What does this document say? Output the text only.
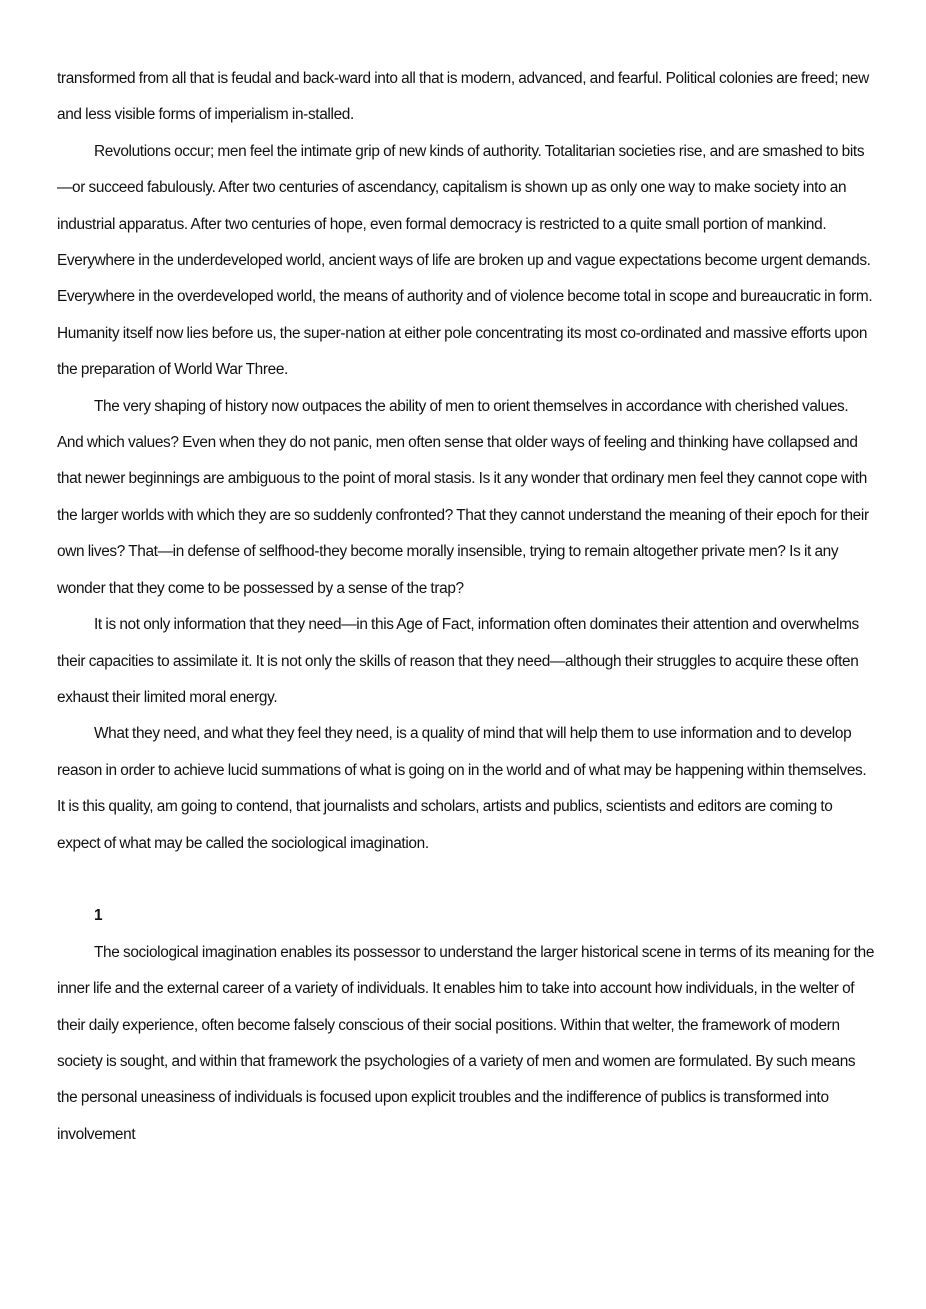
transformed from all that is feudal and back-ward into all that is modern, advanced, and fearful. Political colonies are freed; new and less visible forms of imperialism in-stalled.

Revolutions occur; men feel the intimate grip of new kinds of authority. Totalitarian societies rise, and are smashed to bits—or succeed fabulously. After two centuries of ascendancy, capitalism is shown up as only one way to make society into an industrial apparatus. After two centuries of hope, even formal democracy is restricted to a quite small portion of mankind. Everywhere in the underdeveloped world, ancient ways of life are broken up and vague expectations become urgent demands. Everywhere in the overdeveloped world, the means of authority and of violence become total in scope and bureaucratic in form. Humanity itself now lies before us, the super-nation at either pole concentrating its most co-ordinated and massive efforts upon the preparation of World War Three.

The very shaping of history now outpaces the ability of men to orient themselves in accordance with cherished values. And which values? Even when they do not panic, men often sense that older ways of feeling and thinking have collapsed and that newer beginnings are ambiguous to the point of moral stasis. Is it any wonder that ordinary men feel they cannot cope with the larger worlds with which they are so suddenly confronted? That they cannot understand the meaning of their epoch for their own lives? That—in defense of selfhood-they become morally insensible, trying to remain altogether private men? Is it any wonder that they come to be possessed by a sense of the trap?

It is not only information that they need—in this Age of Fact, information often dominates their attention and overwhelms their capacities to assimilate it. It is not only the skills of reason that they need—although their struggles to acquire these often exhaust their limited moral energy.

What they need, and what they feel they need, is a quality of mind that will help them to use information and to develop reason in order to achieve lucid summations of what is going on in the world and of what may be happening within themselves. It is this quality, am going to contend, that journalists and scholars, artists and publics, scientists and editors are coming to expect of what may be called the sociological imagination.

1

The sociological imagination enables its possessor to understand the larger historical scene in terms of its meaning for the inner life and the external career of a variety of individuals. It enables him to take into account how individuals, in the welter of their daily experience, often become falsely conscious of their social positions. Within that welter, the framework of modern society is sought, and within that framework the psychologies of a variety of men and women are formulated. By such means the personal uneasiness of individuals is focused upon explicit troubles and the indifference of publics is transformed into involvement
